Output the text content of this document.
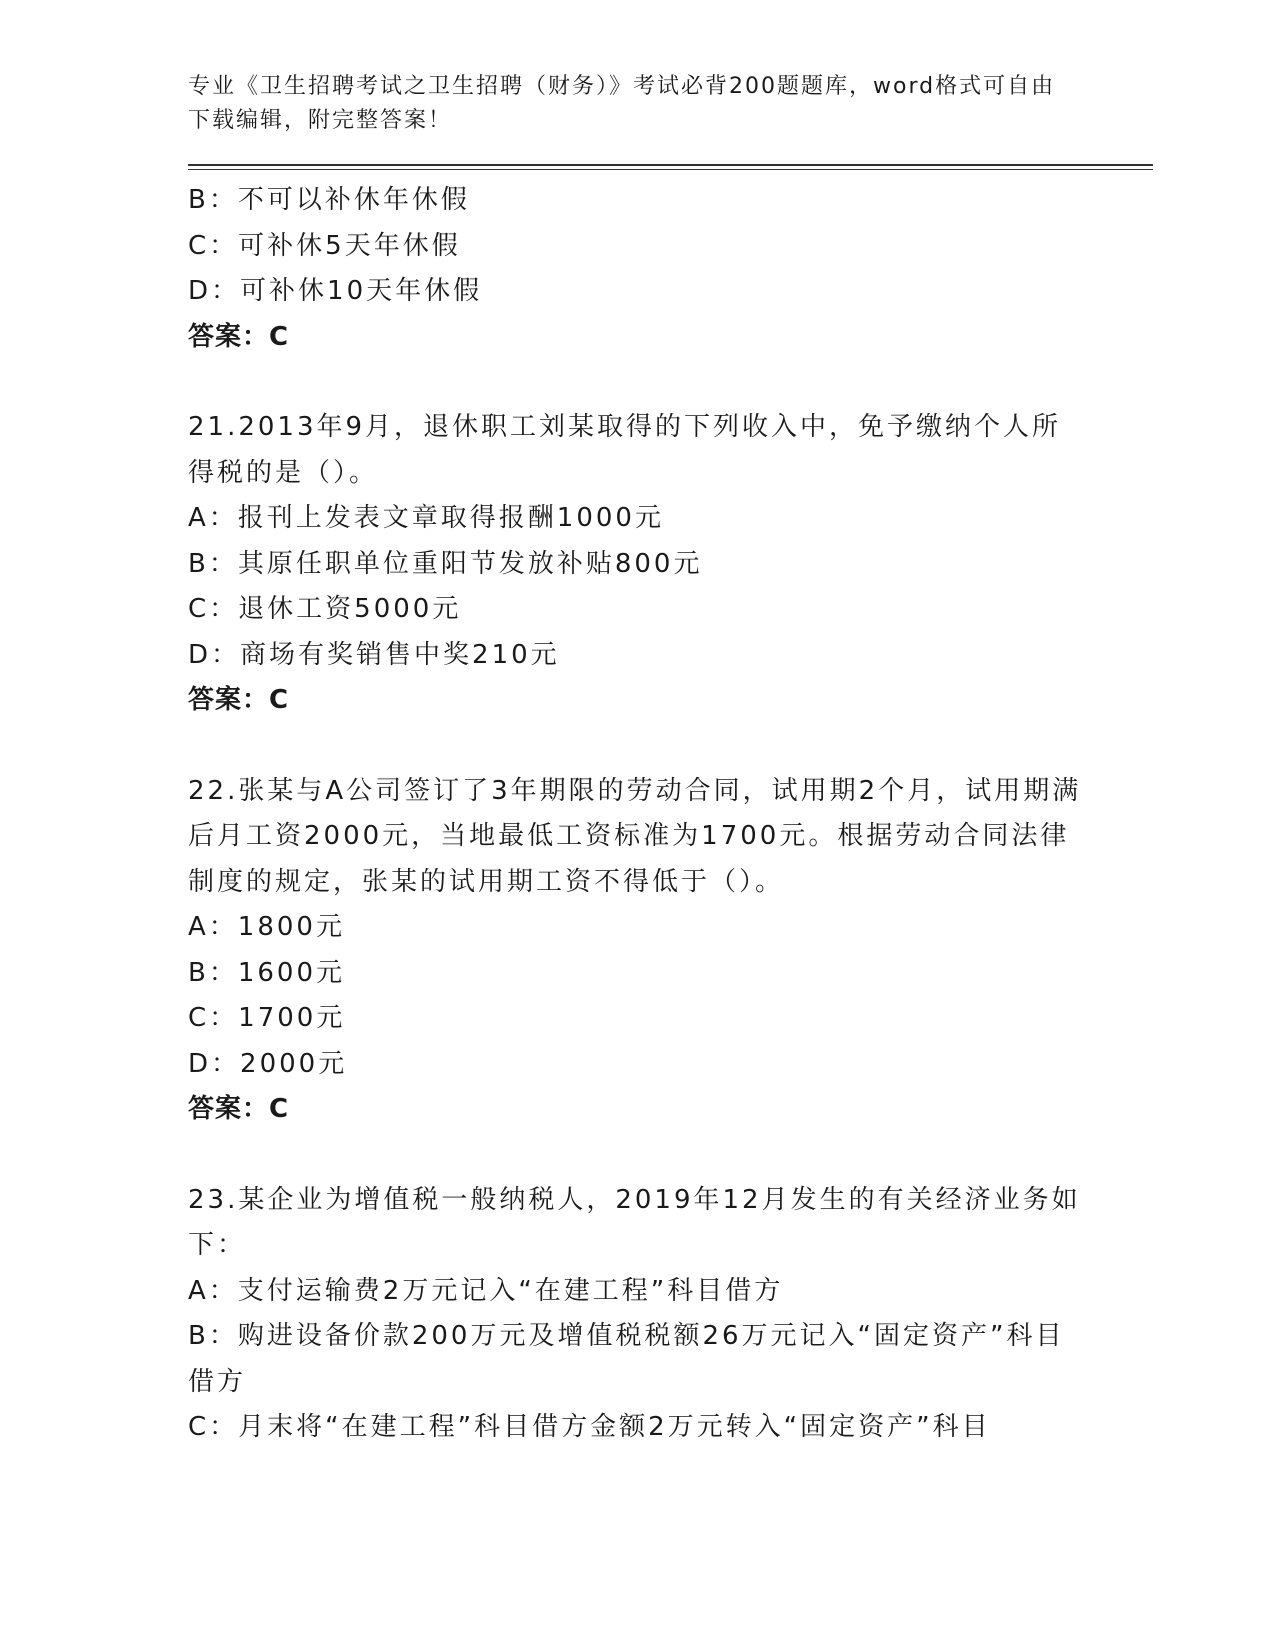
专业《卫生招聘考试之卫生招聘（财务）》考试必背200题题库，word格式可自由下载编辑，附完整答案！

B：不可以补休年休假

C：可补休5天年休假

D：可补休10天年休假

答案：C

21.2013年9月，退休职工刘某取得的下列收入中，免予缴纳个人所得税的是（）。

A：报刊上发表文章取得报酬1000元

B：其原任职单位重阳节发放补贴800元

C：退休工资5000元

D：商场有奖销售中奖210元

答案：C

22.张某与A公司签订了3年期限的劳动合同，试用期2个月，试用期满后月工资2000元，当地最低工资标准为1700元。根据劳动合同法律制度的规定，张某的试用期工资不得低于（）。

A：1800元

B：1600元

C：1700元

D：2000元

答案：C

23.某企业为增值税一般纳税人，2019年12月发生的有关经济业务如下：

A：支付运输费2万元记入“在建工程”科目借方

B：购进设备价款200万元及增值税税额26万元记入“固定资产”科目借方

C：月末将“在建工程”科目借方金额2万元转入“固定资产”科目
